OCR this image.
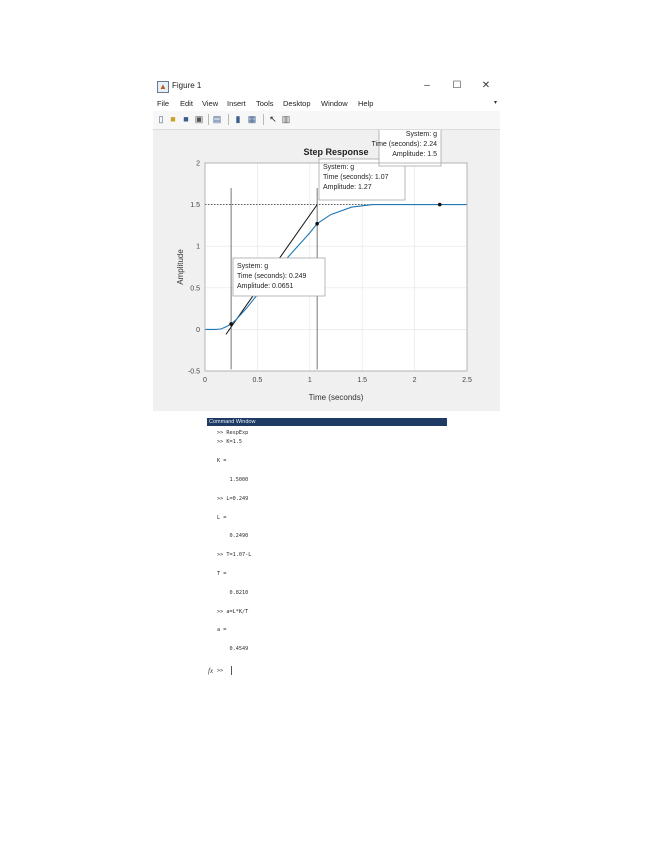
▲ Figure 1	–	☐ ✕
File Edit View Insert Tools Desktop Window Help	▾
▯ ■ ■ ▣ ▤ ▮ ▦ ↖ ▥
0	0.5	1	1.5	2	2.5
-0.5
0
0.5
1
1.5
2
System: g
Time (seconds): 0.249
Amplitude: 0.0651
System: g
Time (seconds): 1.07
Amplitude: 1.27
System: g
Time (seconds): 2.24
Amplitude: 1.5
Step Response
Time (seconds)
Amplitude
Command Window
>> RespExp
>> K=1.5
K =
1.5000
>> L=0.249
L =
0.2490
>> T=1.07-L
T =
0.8210
>> a=L*K/T
a =
0.4549
fx >>
